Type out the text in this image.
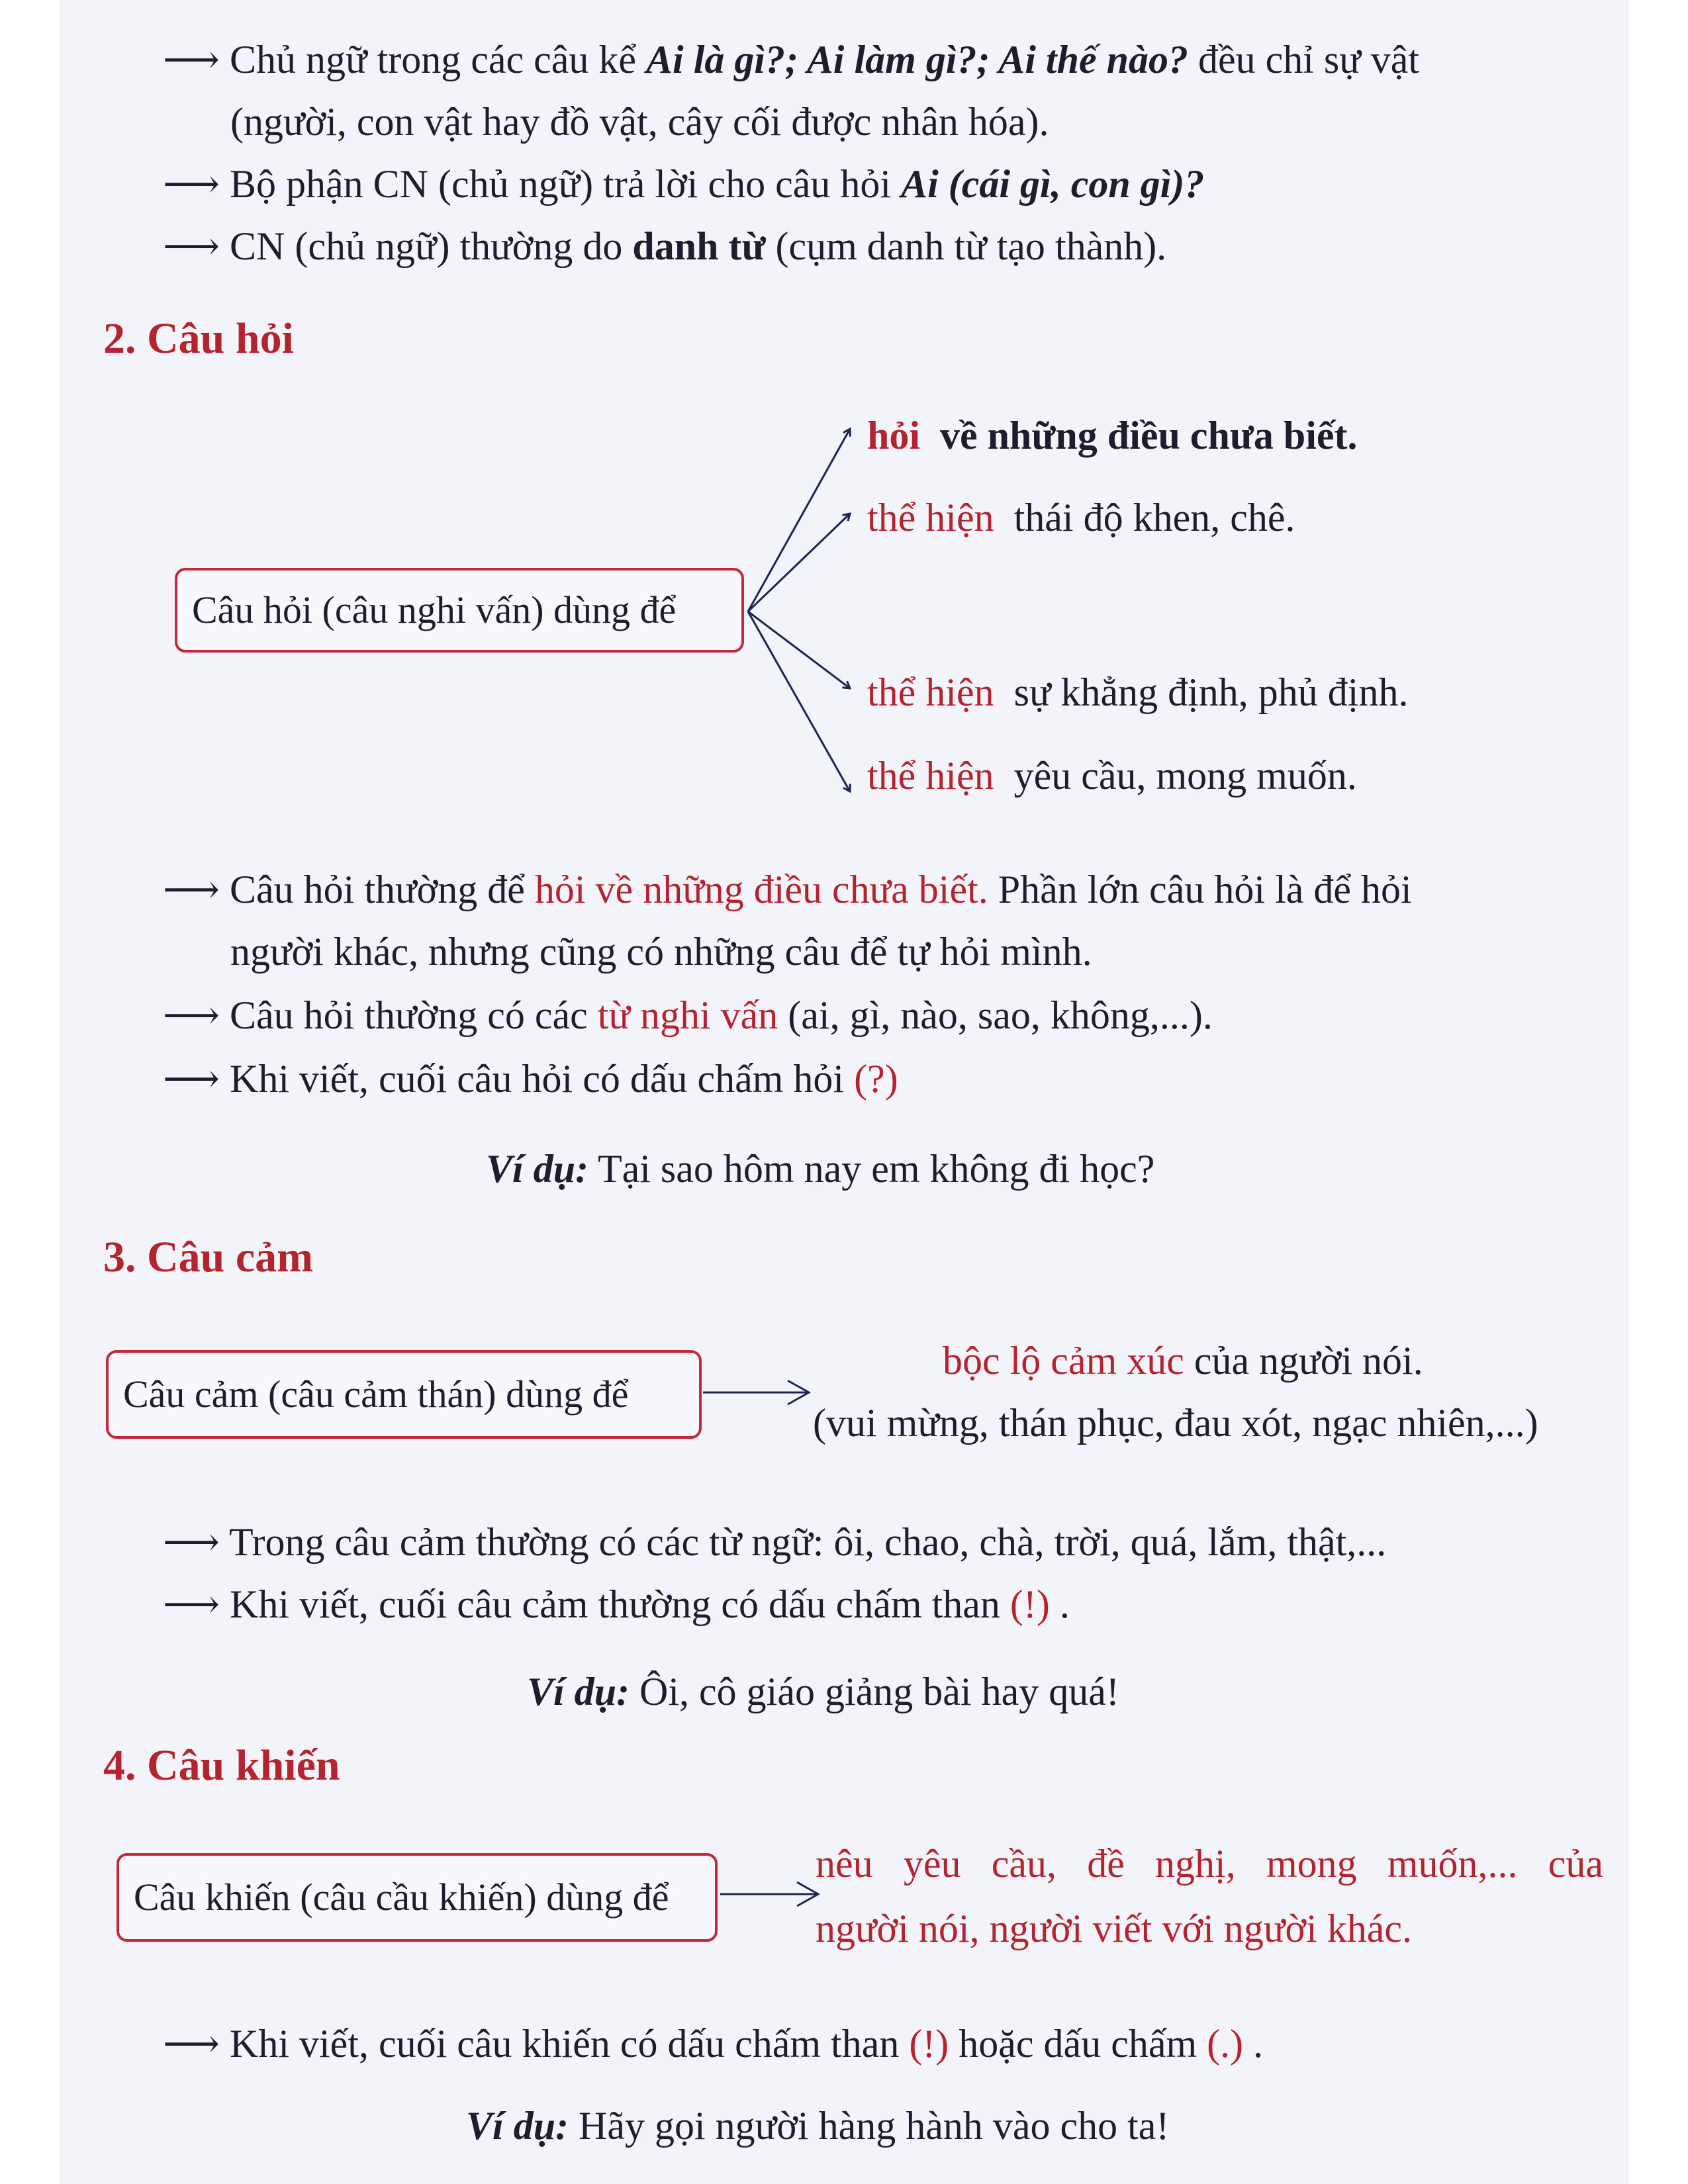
⟶ Chủ ngữ trong các câu kể Ai là gì?; Ai làm gì?; Ai thế nào? đều chỉ sự vật
(người, con vật hay đồ vật, cây cối được nhân hóa).
⟶ Bộ phận CN (chủ ngữ) trả lời cho câu hỏi Ai (cái gì, con gì)?
⟶ CN (chủ ngữ) thường do danh từ (cụm danh từ tạo thành).
2. Câu hỏi
Câu hỏi (câu nghi vấn) dùng để
hỏi về những điều chưa biết.
thể hiện thái độ khen, chê.
thể hiện sự khẳng định, phủ định.
thể hiện yêu cầu, mong muốn.
⟶ Câu hỏi thường để hỏi về những điều chưa biết. Phần lớn câu hỏi là để hỏi
người khác, nhưng cũng có những câu để tự hỏi mình.
⟶ Câu hỏi thường có các từ nghi vấn (ai, gì, nào, sao, không,...).
⟶ Khi viết, cuối câu hỏi có dấu chấm hỏi (?)
Ví dụ: Tại sao hôm nay em không đi học?
3. Câu cảm
Câu cảm (câu cảm thán) dùng để
bộc lộ cảm xúc của người nói.
(vui mừng, thán phục, đau xót, ngạc nhiên,...)
⟶ Trong câu cảm thường có các từ ngữ: ôi, chao, chà, trời, quá, lắm, thật,...
⟶ Khi viết, cuối câu cảm thường có dấu chấm than (!) .
Ví dụ: Ôi, cô giáo giảng bài hay quá!
4. Câu khiến
Câu khiến (câu cầu khiến) dùng để
nêu yêu cầu, đề nghị, mong muốn,... của
người nói, người viết với người khác.
⟶ Khi viết, cuối câu khiến có dấu chấm than (!) hoặc dấu chấm (.) .
Ví dụ: Hãy gọi người hàng hành vào cho ta!
